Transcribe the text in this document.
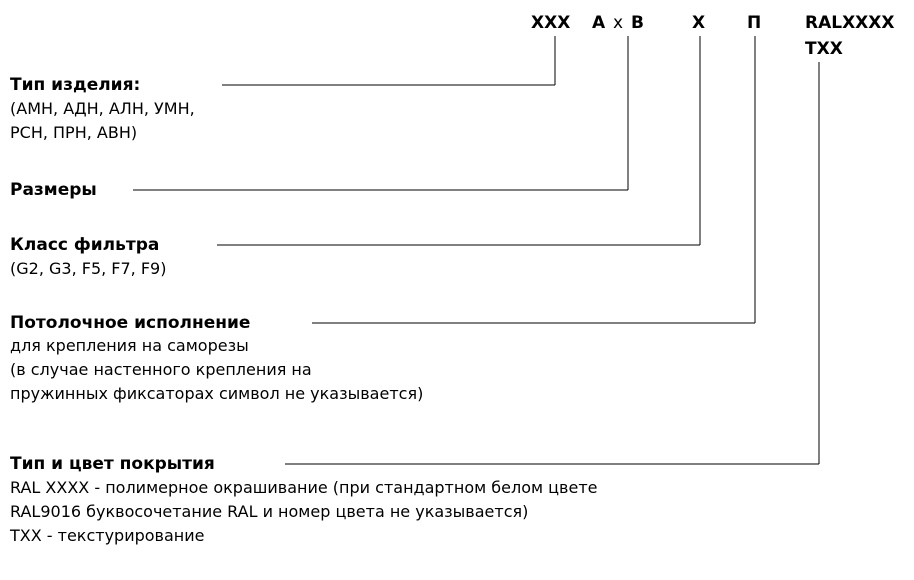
XXX A x B	X П	RALXXXX
TXX
Тип изделия:
(АМН, АДН, АЛН, УМН,
РСН, ПРН, АВН)
Размеры
Класс фильтра
(G2, G3, F5, F7, F9)
Потолочное исполнение
для крепления на саморезы
(в случае настенного крепления на
пружинных фиксаторах символ не указывается)
Тип и цвет покрытия
RAL XXXX - полимерное окрашивание (при стандартном белом цвете
RAL9016 буквосочетание RAL и номер цвета не указывается)
ТХХ - текстурирование
